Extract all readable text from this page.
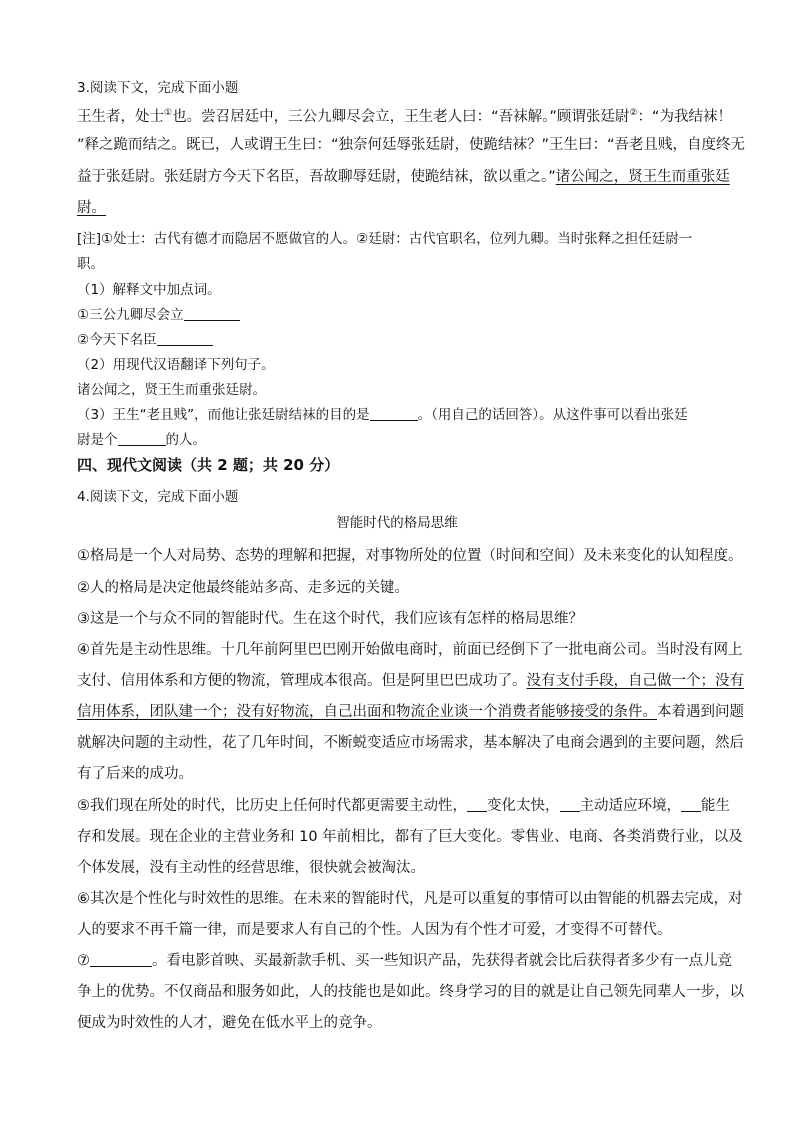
3.阅读下文，完成下面小题
王生者，处士①也。尝召居廷中，三公九卿尽会立，王生老人曰：“吾袜解。”顾谓张廷尉②：“为我结袜！
”释之跪而结之。既已，人或谓王生曰：“独奈何廷辱张廷尉，使跪结袜？”王生曰：“吾老且贱，自度终无
益于张廷尉。张廷尉方今天下名臣，吾故聊辱廷尉，使跪结袜，欲以重之。”诸公闻之，贤王生而重张廷
尉。
[注]①处士：古代有德才而隐居不愿做官的人。②廷尉：古代官职名，位列九卿。当时张释之担任廷尉一
职。
（1）解释文中加点词。
①三公九卿尽会立
②今天下名臣
（2）用现代汉语翻译下列句子。
诸公闻之，贤王生而重张廷尉。
（3）王生“老且贱”，而他让张廷尉结袜的目的是	。（用自己的话回答）。从这件事可以看出张廷
尉是个	的人。
四、现代文阅读（共 2 题；共 20 分）
4.阅读下文，完成下面小题
智能时代的格局思维
①格局是一个人对局势、态势的理解和把握，对事物所处的位置（时间和空间）及未来变化的认知程度。
②人的格局是决定他最终能站多高、走多远的关键。
③这是一个与众不同的智能时代。生在这个时代，我们应该有怎样的格局思维？
④首先是主动性思维。十几年前阿里巴巴刚开始做电商时，前面已经倒下了一批电商公司。当时没有网上
支付、信用体系和方便的物流，管理成本很高。但是阿里巴巴成功了。没有支付手段，自己做一个；没有
信用体系，团队建一个；没有好物流，自己出面和物流企业谈一个消费者能够接受的条件。本着遇到问题
就解决问题的主动性，花了几年时间，不断蜕变适应市场需求，基本解决了电商会遇到的主要问题，然后
有了后来的成功。
⑤我们现在所处的时代，比历史上任何时代都更需要主动性， 变化太快， 主动适应环境， 能生
存和发展。现在企业的主营业务和 10 年前相比，都有了巨大变化。零售业、电商、各类消费行业，以及
个体发展，没有主动性的经营思维，很快就会被淘汰。
⑥其次是个性化与时效性的思维。在未来的智能时代，凡是可以重复的事情可以由智能的机器去完成，对
人的要求不再千篇一律，而是要求人有自己的个性。人因为有个性才可爱，才变得不可替代。
⑦	。看电影首映、买最新款手机、买一些知识产品，先获得者就会比后获得者多少有一点儿竞
争上的优势。不仅商品和服务如此，人的技能也是如此。终身学习的目的就是让自己领先同辈人一步，以
便成为时效性的人才，避免在低水平上的竞争。
